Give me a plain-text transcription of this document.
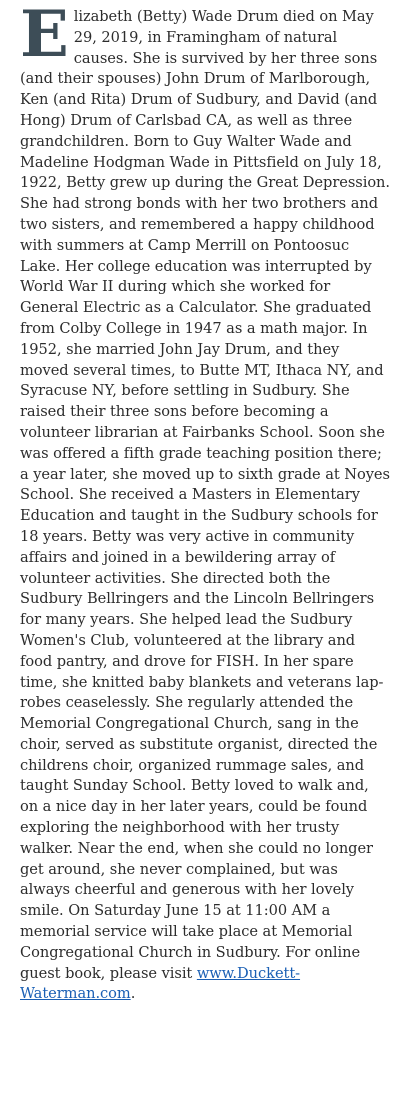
Elizabeth (Betty) Wade Drum died on May 29, 2019, in Framingham of natural causes. She is survived by her three sons (and their spouses) John Drum of Marlborough, Ken (and Rita) Drum of Sudbury, and David (and Hong) Drum of Carlsbad CA, as well as three grandchildren. Born to Guy Walter Wade and Madeline Hodgman Wade in Pittsfield on July 18, 1922, Betty grew up during the Great Depression. She had strong bonds with her two brothers and two sisters, and remembered a happy childhood with summers at Camp Merrill on Pontoosuc Lake. Her college education was interrupted by World War II during which she worked for General Electric as a Calculator. She graduated from Colby College in 1947 as a math major. In 1952, she married John Jay Drum, and they moved several times, to Butte MT, Ithaca NY, and Syracuse NY, before settling in Sudbury. She raised their three sons before becoming a volunteer librarian at Fairbanks School. Soon she was offered a fifth grade teaching position there; a year later, she moved up to sixth grade at Noyes School. She received a Masters in Elementary Education and taught in the Sudbury schools for 18 years. Betty was very active in community affairs and joined in a bewildering array of volunteer activities. She directed both the Sudbury Bellringers and the Lincoln Bellringers for many years. She helped lead the Sudbury Women's Club, volunteered at the library and food pantry, and drove for FISH. In her spare time, she knitted baby blankets and veterans lap-robes ceaselessly. She regularly attended the Memorial Congregational Church, sang in the choir, served as substitute organist, directed the childrens choir, organized rummage sales, and taught Sunday School. Betty loved to walk and, on a nice day in her later years, could be found exploring the neighborhood with her trusty walker. Near the end, when she could no longer get around, she never complained, but was always cheerful and generous with her lovely smile. On Saturday June 15 at 11:00 AM a memorial service will take place at Memorial Congregational Church in Sudbury. For online guest book, please visit www.Duckett-Waterman.com.
